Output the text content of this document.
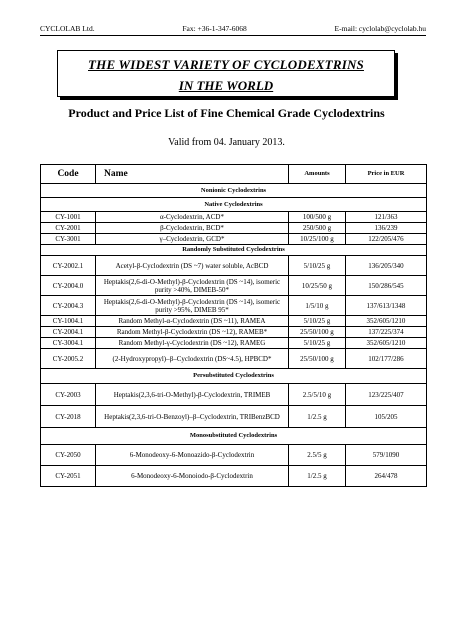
CYCLOLAB Ltd.	Fax: +36-1-347-6068	E-mail: cyclolab@cyclolab.hu
THE WIDEST VARIETY OF CYCLODEXTRINS
IN THE WORLD
Product and Price List of Fine Chemical Grade Cyclodextrins
Valid from 04. January 2013.
Code	Name	Amounts	Price in EUR
Nonionic Cyclodextrins			
Native Cyclodextrins			
CY-1001	α-Cyclodextrin, ACD*	100/500 g	121/363
CY-2001	β-Cyclodextrin, BCD*	250/500 g	136/239
CY-3001	γ–Cyclodextrin, GCD*	10/25/100 g	122/205/476
Randomly Substituted Cyclodextrins			
CY-2002.1	Acetyl-β-Cyclodextrin (DS ~7) water soluble, AcBCD	5/10/25 g	136/205/340
CY-2004.0	Heptakis(2,6-di-O-Methyl)-β-Cyclodextrin (DS ~14), isomeric purity >40%, DIMEB-50*	10/25/50 g	150/286/545
CY-2004.3	Heptakis(2,6-di-O-Methyl)-β-Cyclodextrin (DS ~14), isomeric purity >95%, DIMEB 95*	1/5/10 g	137/613/1348
CY-1004.1	Random Methyl-α-Cyclodextrin (DS ~11), RAMEA	5/10/25 g	352/605/1210
CY-2004.1	Random Methyl-β-Cyclodextrin (DS ~12), RAMEB*	25/50/100 g	137/225/374
CY-3004.1	Random Methyl-γ-Cyclodextrin (DS ~12), RAMEG	5/10/25 g	352/605/1210
CY-2005.2	(2-Hydroxypropyl)–β–Cyclodextrin (DS~4.5), HPBCD*	25/50/100 g	102/177/286
Persubstituted Cyclodextrins			
CY-2003	Heptakis(2,3,6-tri-O-Methyl)-β-Cyclodextrin, TRIMEB	2.5/5/10 g	123/225/407
CY-2018	Heptakis(2,3,6-tri-O-Benzoyl)–β–Cyclodextrin, TRIBenzBCD	1/2.5 g	105/205
Monosubstituted Cyclodextrins			
CY-2050	6-Monodeoxy-6-Monoazido-β-Cyclodextrin	2.5/5 g	579/1090
CY-2051	6-Monodeoxy-6-Monoiodo-β-Cyclodextrin	1/2.5 g	264/478
